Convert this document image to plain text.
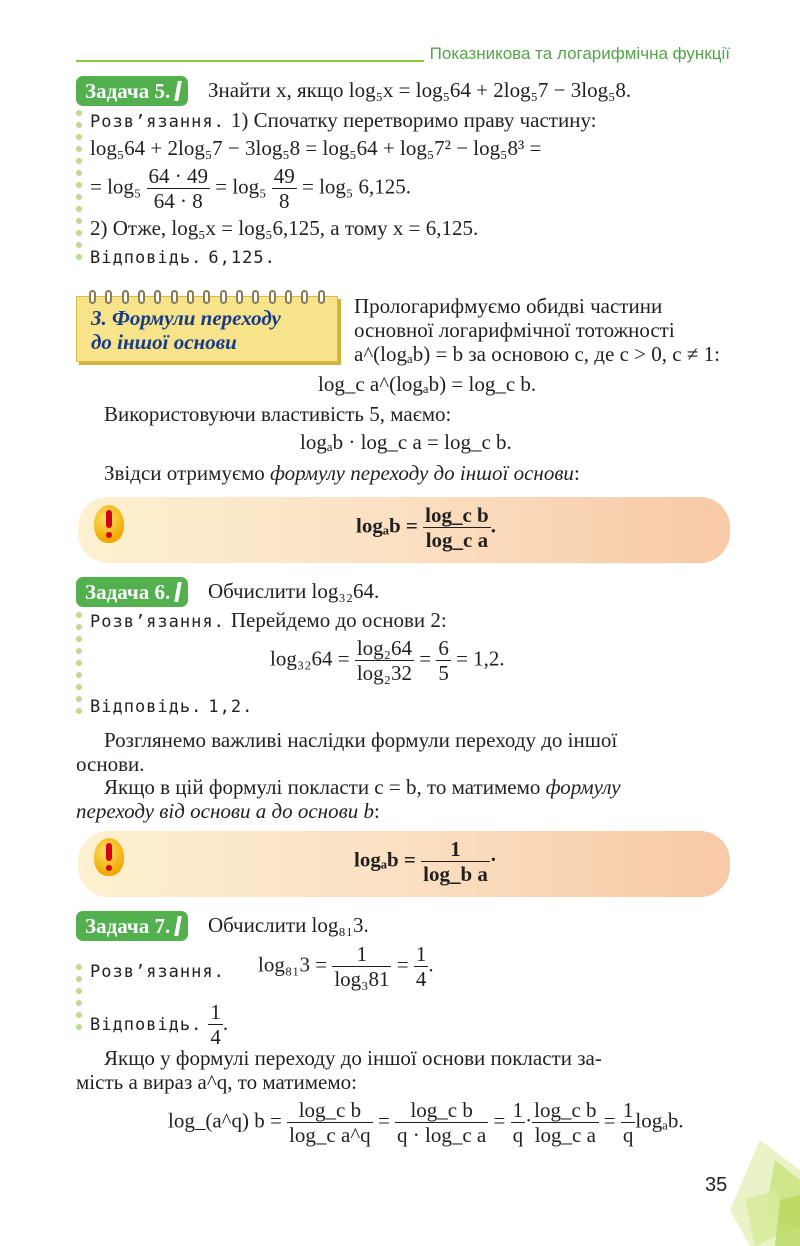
Показникова та логарифмічна функції
Задача 5.	Знайти x, якщо log₅x = log₅64 + 2log₅7 − 3log₅8.
Розв’язання. 1) Спочатку перетворимо праву частину:
log₅64 + 2log₅7 − 3log₅8 = log₅64 + log₅7² − log₅8³ =
= $\log_5 \frac{64 \cdot 49}{64 \cdot 8} = \log_5 \frac{49}{8} = \log_5$ 6,125.
2) Отже, log₅x = log₅6,125, а тому x = 6,125.
Відповідь. 6,125.
3. Формули переходу
до іншої основи
Прологарифмуємо обидві частини
основної логарифмічної тотожності
a^(logₐb) = b за основою c, де c > 0, c ≠ 1:
log_c a^(logₐb) = log_c b.
Використовуючи властивість 5, маємо:
logₐb · log_c a = log_c b.
Звідси отримуємо формулу переходу до іншої основи:
$\log_ab = \frac{\text{log\_c b}}{\text{log\_c a}}$ .
Задача 6.	Обчислити log₃₂64.
Розв’язання. Перейдемо до основи 2:
$\log_{32}64 = \frac{\text{log₂64}}{\text{log₂32}} = \frac{6}{5} = 1,2$.
Відповідь. 1,2.
Розглянемо важливі наслідки формули переходу до іншої
основи.
Якщо в цій формулі покласти c = b, то матимемо формулу
переходу від основи a до основи b:
$\log_ab = \frac{1}{\text{log\_b a}}$ ·
Задача 7.	Обчислити log₈₁3.
Розв’язання. $\log_{81}3 = \frac{1}{\text{log₃81}} = \frac{1}{4}$ .
Відповідь. $\frac{1}{4}$ .
Якщо у формулі переходу до іншої основи покласти за-
мість a вираз a^q, то матимемо:
log_(a^q) $b = \frac{\text{log\_c b}}{\text{log\_c a\textasciicircum{}q}} = \frac{\text{log\_c b}}{\text{q · log\_c a}} = \frac{1}{q} \cdot \frac{\text{log\_c b}}{\text{log\_c a}} = \frac{1}{q} \log_ab$.
35
